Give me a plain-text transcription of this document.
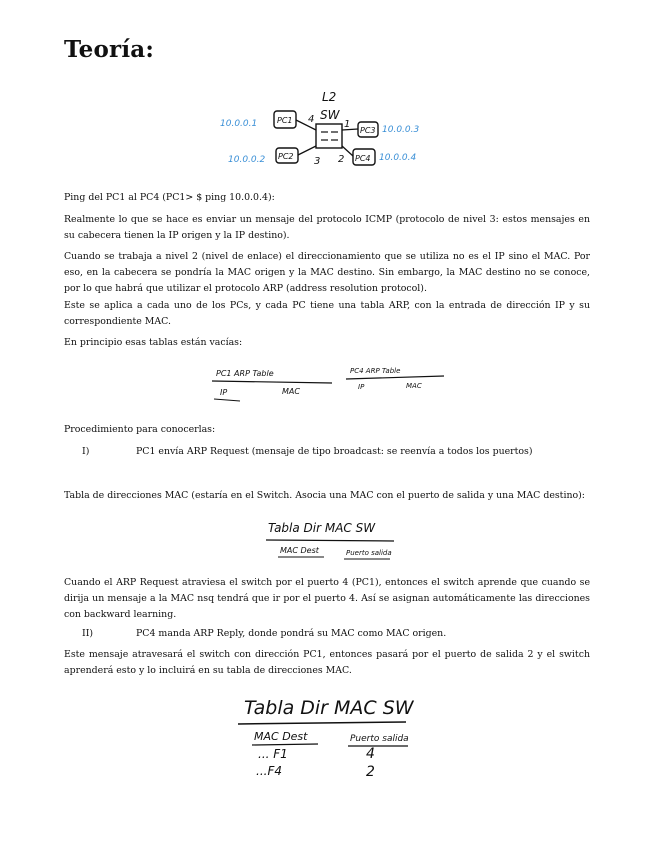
Teoría:
L2
SW
PC1
PC2
PC3
PC4
4	1
3 2
10.0.0.1
10.0.0.2
10.0.0.3
10.0.0.4
Ping del PC1 al PC4 (PC1> $ ping 10.0.0.4):
Realmente lo que se hace es enviar un mensaje del protocolo ICMP (protocolo de nivel 3: estos mensajes en su cabecera tienen la IP origen y la IP destino).
Cuando se trabaja a nivel 2 (nivel de enlace) el direccionamiento que se utiliza no es el IP sino el MAC. Por eso, en la cabecera se pondría la MAC origen y la MAC destino. Sin embargo, la MAC destino no se conoce, por lo que habrá que utilizar el protocolo ARP (address resolution protocol).
Este se aplica a cada uno de los PCs, y cada PC tiene una tabla ARP, con la entrada de dirección IP y su correspondiente MAC.
En principio esas tablas están vacías:
PC1 ARP Table
IP	MAC
PC4 ARP Table
IP	MAC
Procedimiento para conocerlas:
I)	PC1 envía ARP Request (mensaje de tipo broadcast: se reenvía a todos los puertos)
Tabla de direcciones MAC (estaría en el Switch. Asocia una MAC con el puerto de salida y una MAC destino):
Tabla Dir MAC SW
MAC Dest	Puerto salida
Cuando el ARP Request atraviesa el switch por el puerto 4 (PC1), entonces el switch aprende que cuando se dirija un mensaje a la MAC nsq tendrá que ir por el puerto 4. Así se asignan automáticamente las direcciones con backward learning.
II)	PC4 manda ARP Reply, donde pondrá su MAC como MAC origen.
Este mensaje atravesará el switch con dirección PC1, entonces pasará por el puerto de salida 2 y el switch aprenderá esto y lo incluirá en su tabla de direcciones MAC.
Tabla Dir MAC SW
MAC Dest	Puerto salida
... F1	4
...F4	2
